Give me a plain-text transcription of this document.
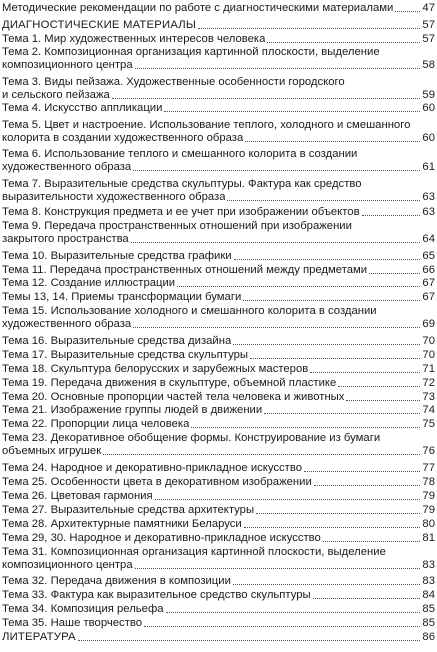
Методические рекомендации по работе с диагностическими материалами	47
ДИАГНОСТИЧЕСКИЕ МАТЕРИАЛЫ	57
Тема 1. Мир художественных интересов человека	57
Тема 2. Композиционная организация картинной плоскости, выделение
композиционного центра	58
Тема 3. Виды пейзажа. Художественные особенности городского
и сельского пейзажа	59
Тема 4. Искусство аппликации	60
Тема 5. Цвет и настроение. Использование теплого, холодного и смешанного
колорита в создании художественного образа	60
Тема 6. Использование теплого и смешанного колорита в создании
художественного образа	61
Тема 7. Выразительные средства скульптуры. Фактура как средство
выразительности художественного образа	63
Тема 8. Конструкция предмета и ее учет при изображении объектов	63
Тема 9. Передача пространственных отношений при изображении
закрытого пространства	64
Тема 10. Выразительные средства графики	65
Тема 11. Передача пространственных отношений между предметами	66
Тема 12. Создание иллюстрации	67
Темы 13, 14. Приемы трансформации бумаги	67
Тема 15. Использование холодного и смешанного колорита в создании
художественного образа	69
Тема 16. Выразительные средства дизайна	70
Тема 17. Выразительные средства скульптуры	70
Тема 18. Скульптура белорусских и зарубежных мастеров	71
Тема 19. Передача движения в скульптуре, объемной пластике	72
Тема 20. Основные пропорции частей тела человека и животных	73
Тема 21. Изображение группы людей в движении	74
Тема 22. Пропорции лица человека	75
Тема 23. Декоративное обобщение формы. Конструирование из бумаги
объемных игрушек	76
Тема 24. Народное и декоративно-прикладное искусство	77
Тема 25. Особенности цвета в декоративном изображении	78
Тема 26. Цветовая гармония	79
Тема 27. Выразительные средства архитектуры	79
Тема 28. Архитектурные памятники Беларуси	80
Тема 29, 30. Народное и декоративно-прикладное искусство	81
Тема 31. Композиционная организация картинной плоскости, выделение
композиционного центра	83
Тема 32. Передача движения в композиции	83
Тема 33. Фактура как выразительное средство скульптуры	84
Тема 34. Композиция рельефа	85
Тема 35. Наше творчество	85
ЛИТЕРАТУРА	86
